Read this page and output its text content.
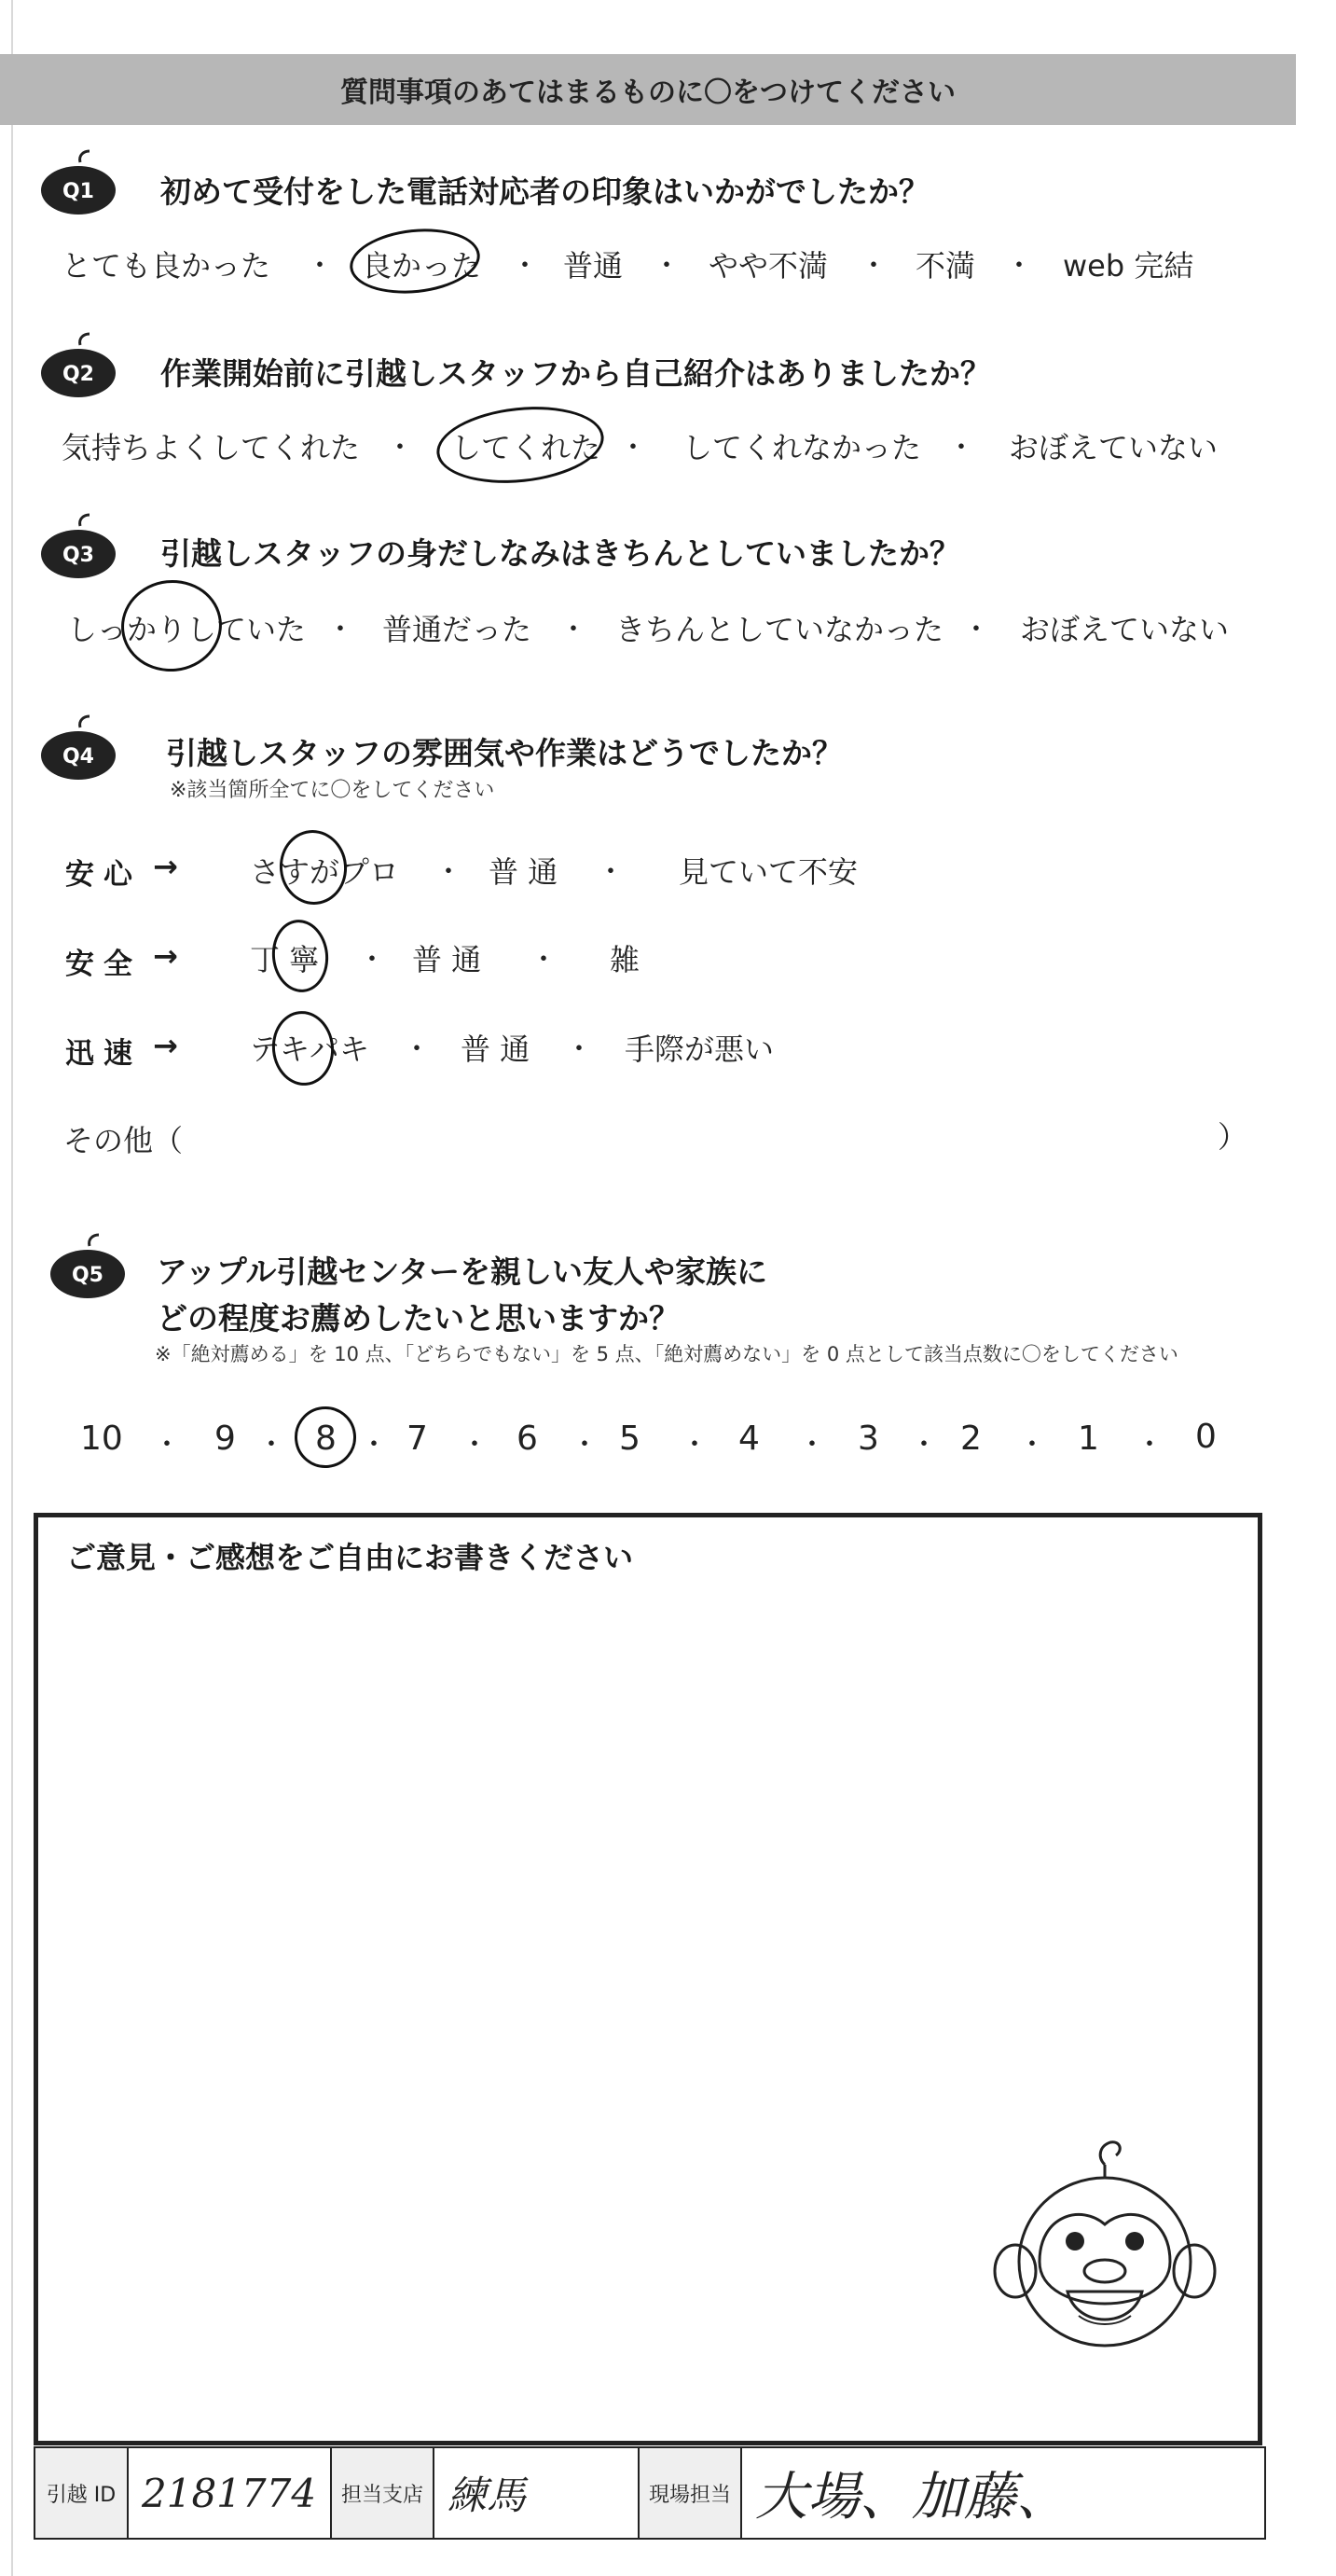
質問事項のあてはまるものに〇をつけてください
Q1 初めて受付をした電話対応者の印象はいかがでしたか？
とても良かった ・ 良かった ・ 普通 ・ やや不満 ・ 不満 ・ web 完結
Q2 作業開始前に引越しスタッフから自己紹介はありましたか？
気持ちよくしてくれた ・ してくれた ・ してくれなかった ・ おぼえていない
Q3 引越しスタッフの身だしなみはきちんとしていましたか？
しっかりしていた ・ 普通だった ・ きちんとしていなかった ・ おぼえていない
Q4 引越しスタッフの雰囲気や作業はどうでしたか？
※該当箇所全てに〇をしてください
安心 → さすがプロ ・ 普 通 ・ 見ていて不安
安全 → 丁 寧 ・ 普 通 ・ 雑
迅速 → テキパキ ・ 普 通 ・ 手際が悪い
その他（	）
Q5 アップル引越センターを親しい友人や家族に
どの程度お薦めしたいと思いますか？
※「絶対薦める」を 10 点、「どちらでもない」を 5 点、「絶対薦めない」を 0 点として該当点数に〇をしてください
10 ・ 9 ・ 8 ・ 7 ・ 6 ・ 5 ・ 4 ・ 3 ・ 2 ・ 1 ・ 0
ご意見・ご感想をご自由にお書きください
引越 ID 2181774	担当支店 練馬	現場担当 大場、加藤、
